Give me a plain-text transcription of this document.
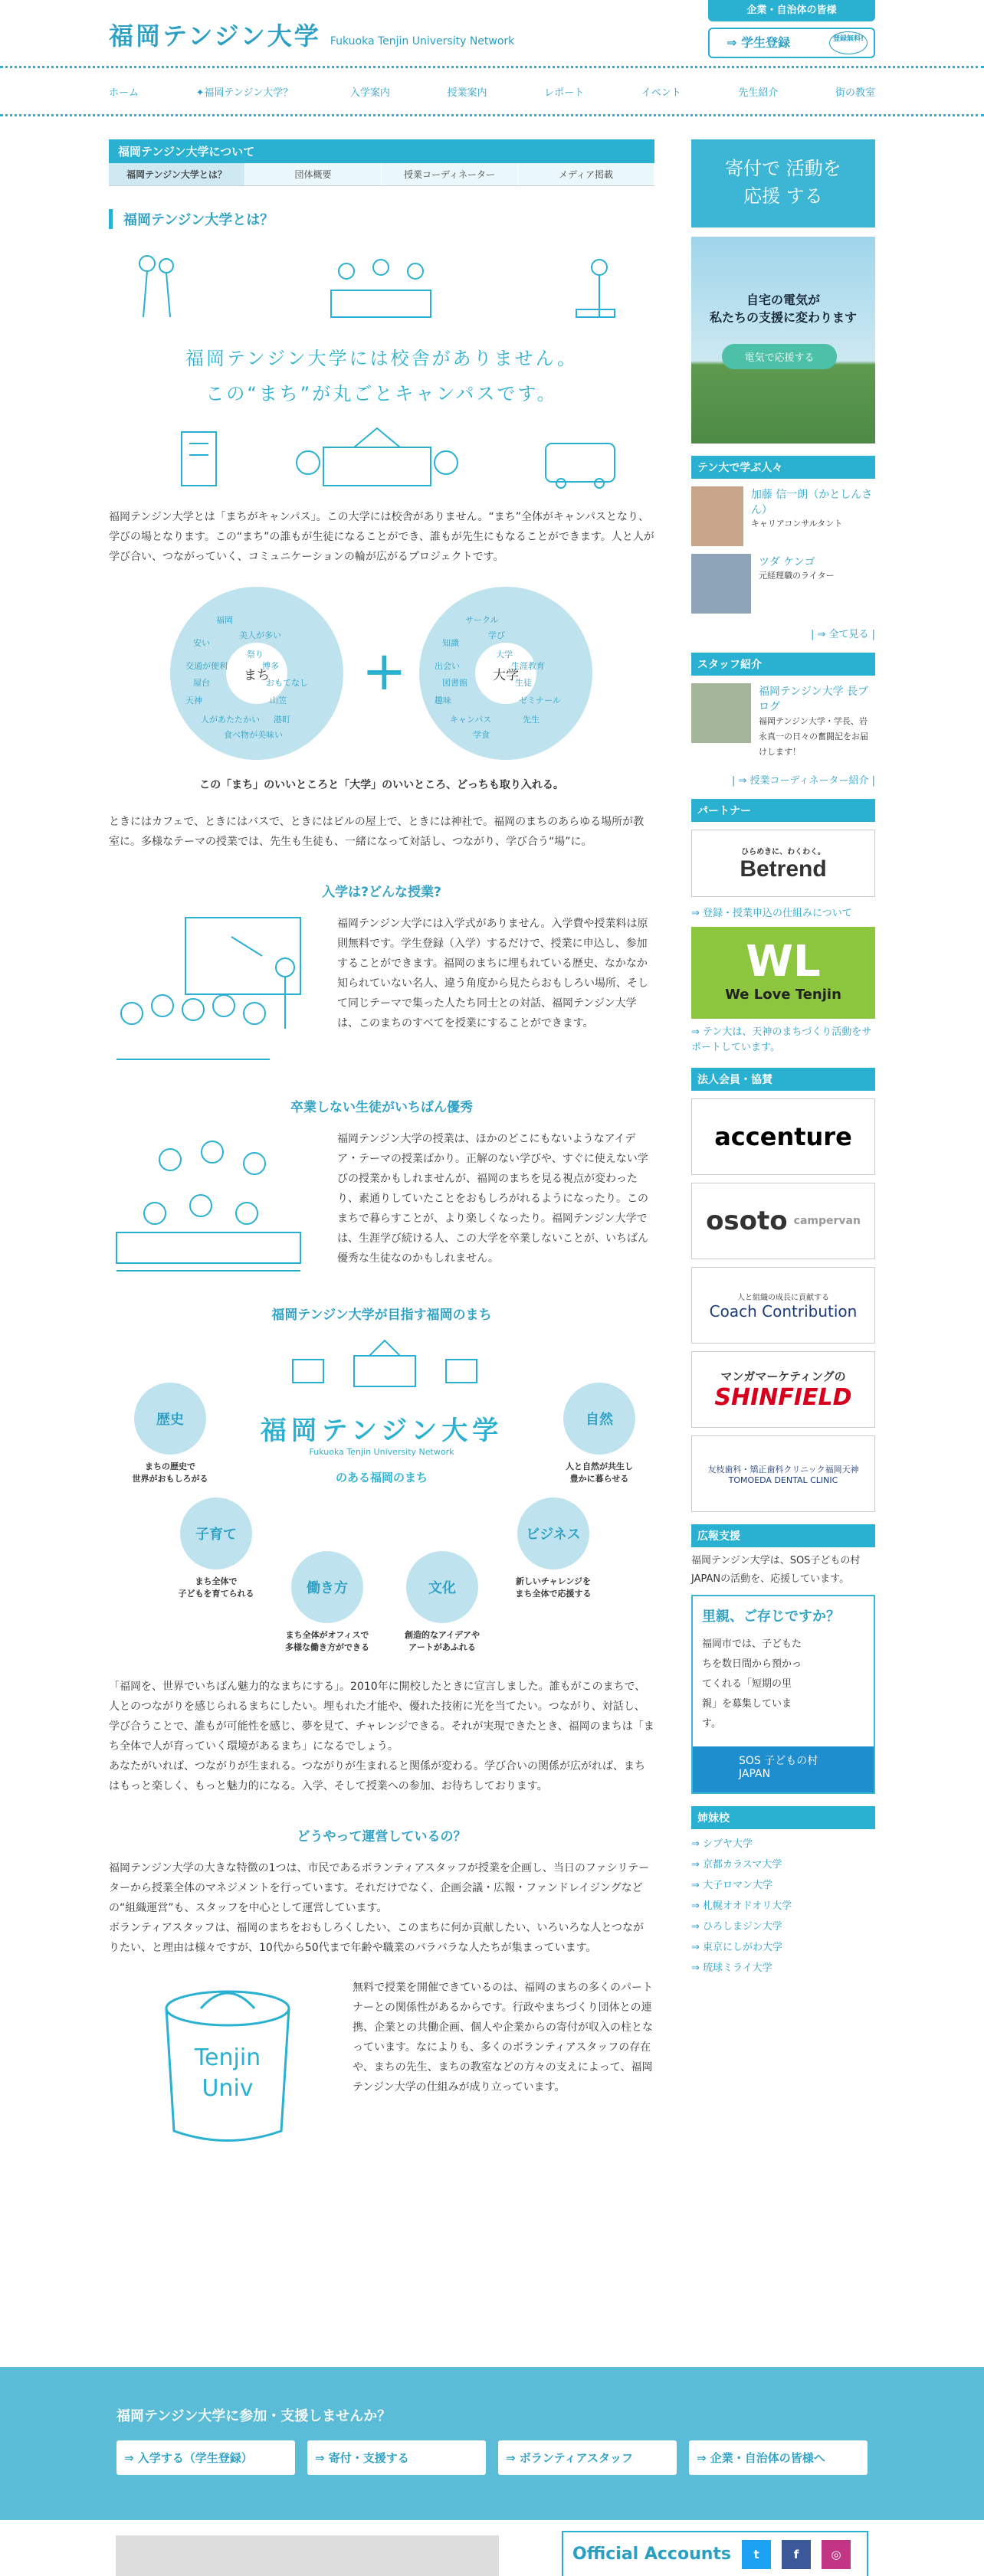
福岡テンジン大学 Fukuoka Tenjin University Network
企業・自治体の皆様
⇒ 学生登録	登録無料!
ホーム	✦福岡テンジン大学？	入学案内	授業案内	レポート	イベント	先生紹介	街の教室
福岡テンジン大学について
福岡テンジン大学とは？	団体概要	授業コーディネーター	メディア掲載
福岡テンジン大学とは？
福岡テンジン大学には校舎がありません。
この“まち”が丸ごとキャンパスです。

福岡テンジン大学とは「まちがキャンパス」。この大学には校舎がありません。“まち”全体がキャンパスとなり、学びの場となります。この“まち”の誰もが生徒になることができ、誰もが先生にもなることができます。人と人が学び合い、つながっていく、コミュニケーションの輪が広がるプロジェクトです。

まち
福岡
美人が多い
安い
祭り
交通が便利	博多
屋台	おもてなし
天神	山笠
人があたたかい 港町
食べ物が美味い
+	大学
サークル
学び
知識
大学
出会い	生涯教育
図書館	生徒
趣味	ゼミナール
キャンパス	先生
学食

この「まち」のいいところと「大学」のいいところ、どっちも取り入れる。

ときにはカフェで、ときにはバスで、ときにはビルの屋上で、ときには神社で。福岡のまちのあらゆる場所が教室に。多様なテーマの授業では、先生も生徒も、一緒になって対話し、つながり、学び合う“場”に。

入学は?どんな授業?

福岡テンジン大学には入学式がありません。入学費や授業料は原則無料です。学生登録（入学）するだけで、授業に申込し、参加することができます。福岡のまちに埋もれている歴史、なかなか知られていない名人、違う角度から見たらおもしろい場所、そして同じテーマで集った人たち同士との対話、福岡テンジン大学は、このまちのすべてを授業にすることができます。

卒業しない生徒がいちばん優秀

福岡テンジン大学の授業は、ほかのどこにもないようなアイデア・テーマの授業ばかり。正解のない学びや、すぐに使えない学びの授業かもしれませんが、福岡のまちを見る視点が変わったり、素通りしていたことをおもしろがれるようになったり。このまちで暮らすことが、より楽しくなったり。福岡テンジン大学では、生涯学び続ける人、この大学を卒業しないことが、いちばん優秀な生徒なのかもしれません。

福岡テンジン大学が目指す福岡のまち
福岡テンジン大学
Fukuoka Tenjin University Network
のある福岡のまち
歴史
まちの歴史で
世界がおもしろがる
自然
人と自然が共生し
豊かに暮らせる
子育て
まち全体で
子どもを育てられる
ビジネス
新しいチャレンジを
まち全体で応援する
働き方
まち全体がオフィスで
多様な働き方ができる
文化
創造的なアイデアや
アートがあふれる

「福岡を、世界でいちばん魅力的なまちにする」。2010年に開校したときに宣言しました。誰もがこのまちで、人とのつながりを感じられるまちにしたい。埋もれた才能や、優れた技術に光を当てたい。つながり、対話し、学び合うことで、誰もが可能性を感じ、夢を見て、チャレンジできる。それが実現できたとき、福岡のまちは「まち全体で人が育っていく環境があるまち」になるでしょう。

あなたがいれば、つながりが生まれる。つながりが生まれると関係が変わる。学び合いの関係が広がれば、まちはもっと楽しく、もっと魅力的になる。入学、そして授業への参加、お待ちしております。

どうやって運営しているの？

福岡テンジン大学の大きな特徴の1つは、市民であるボランティアスタッフが授業を企画し、当日のファシリテーターから授業全体のマネジメントを行っています。それだけでなく、企画会議・広報・ファンドレイジングなどの“組織運営”も、スタッフを中心として運営しています。

ボランティアスタッフは、福岡のまちをおもしろくしたい、このまちに何か貢献したい、いろいろな人とつながりたい、と理由は様々ですが、10代から50代まで年齢や職業のバラバラな人たちが集まっています。

Tenjin Univ

無料で授業を開催できているのは、福岡のまちの多くのパートナーとの関係性があるからです。行政やまちづくり団体との連携、企業との共働企画、個人や企業からの寄付が収入の柱となっています。なによりも、多くのボランティアスタッフの存在や、まちの先生、まちの教室などの方々の支えによって、福岡テンジン大学の仕組みが成り立っています。

寄付で 活動を
応援 する
自宅の電気が
私たちの支援に変わります
電気で応援する
テン大で学ぶ人々
加藤 信一朗（かとしんさん）
キャリアコンサルタント
ツダ ケンゴ
元経理職のライター
| ⇒ 全て見る |
スタッフ紹介
福岡テンジン大学 長ブログ
福岡テンジン大学・学長、岩永真一の日々の奮闘記をお届けします！
| ⇒ 授業コーディネーター紹介 |
パートナー
ひらめきに、わくわく。
Betrend
⇒ 登録・授業申込の仕組みについて
WL
We Love Tenjin
⇒ テン大は、天神のまちづくり活動をサポートしています。
法人会員・協賛
accenture
osoto campervan
人と組織の成長に貢献する
Coach Contribution
マンガマーケティングの
SHINFIELD
友枝歯科・矯正歯科クリニック福岡天神
TOMOEDA DENTAL CLINIC
広報支援

福岡テンジン大学は、SOS子どもの村JAPANの活動を、応援しています。

里親、ご存じですか？
福岡市では、子どもたちを数日間から預かってくれる「短期の里親」を募集しています。
SOS 子どもの村
JAPAN
姉妹校
⇒ シブヤ大学
⇒ 京都カラスマ大学
⇒ 大子ロマン大学
⇒ 札幌オオドオリ大学
⇒ ひろしまジン大学
⇒ 東京にしがわ大学
⇒ 琉球ミライ大学
福岡テンジン大学に参加・支援しませんか？
⇒ 入学する（学生登録）	⇒ 寄付・支援する	⇒ ボランティアスタッフ	⇒ 企業・自治体の皆様へ
Official Accounts	t	f	◎
